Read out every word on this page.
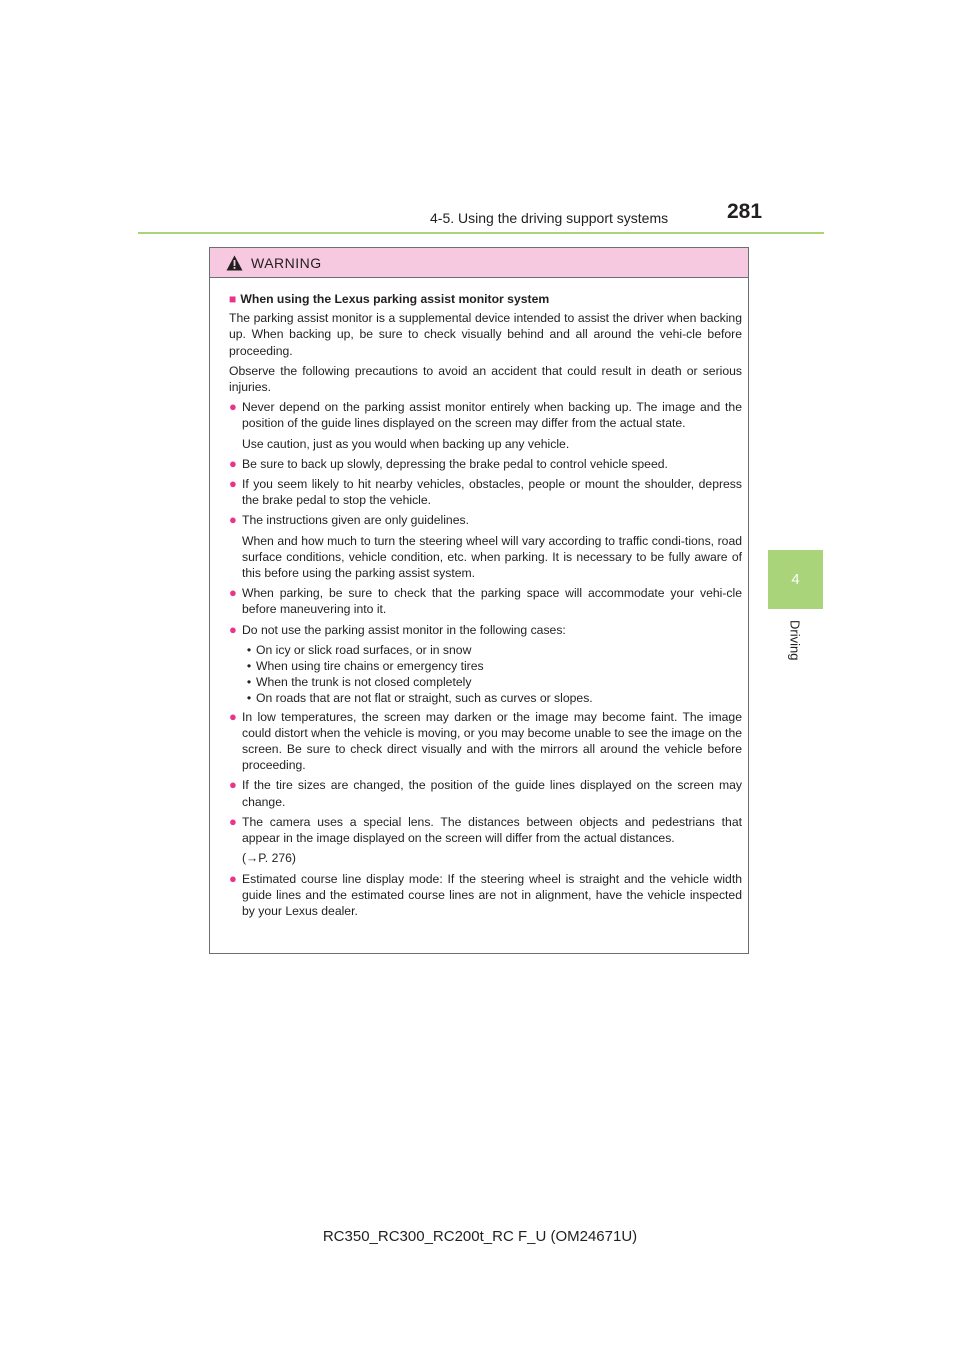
4-5. Using the driving support systems	281
4
Driving
WARNING
■ When using the Lexus parking assist monitor system

The parking assist monitor is a supplemental device intended to assist the driver when backing up. When backing up, be sure to check visually behind and all around the vehi-cle before proceeding.

Observe the following precautions to avoid an accident that could result in death or serious injuries.

● Never depend on the parking assist monitor entirely when backing up. The image and the position of the guide lines displayed on the screen may differ from the actual state.

Use caution, just as you would when backing up any vehicle.

● Be sure to back up slowly, depressing the brake pedal to control vehicle speed.
● If you seem likely to hit nearby vehicles, obstacles, people or mount the shoulder, depress the brake pedal to stop the vehicle.
● The instructions given are only guidelines.

When and how much to turn the steering wheel will vary according to traffic condi-tions, road surface conditions, vehicle condition, etc. when parking. It is necessary to be fully aware of this before using the parking assist system.

● When parking, be sure to check that the parking space will accommodate your vehi-cle before maneuvering into it.
● Do not use the parking assist monitor in the following cases:
• On icy or slick road surfaces, or in snow
• When using tire chains or emergency tires
• When the trunk is not closed completely
• On roads that are not flat or straight, such as curves or slopes.
● In low temperatures, the screen may darken or the image may become faint. The image could distort when the vehicle is moving, or you may become unable to see the image on the screen. Be sure to check direct visually and with the mirrors all around the vehicle before proceeding.
● If the tire sizes are changed, the position of the guide lines displayed on the screen may change.
● The camera uses a special lens. The distances between objects and pedestrians that appear in the image displayed on the screen will differ from the actual distances.

(→P. 276)

● Estimated course line display mode: If the steering wheel is straight and the vehicle width guide lines and the estimated course lines are not in alignment, have the vehicle inspected by your Lexus dealer.
RC350_RC300_RC200t_RC F_U (OM24671U)
